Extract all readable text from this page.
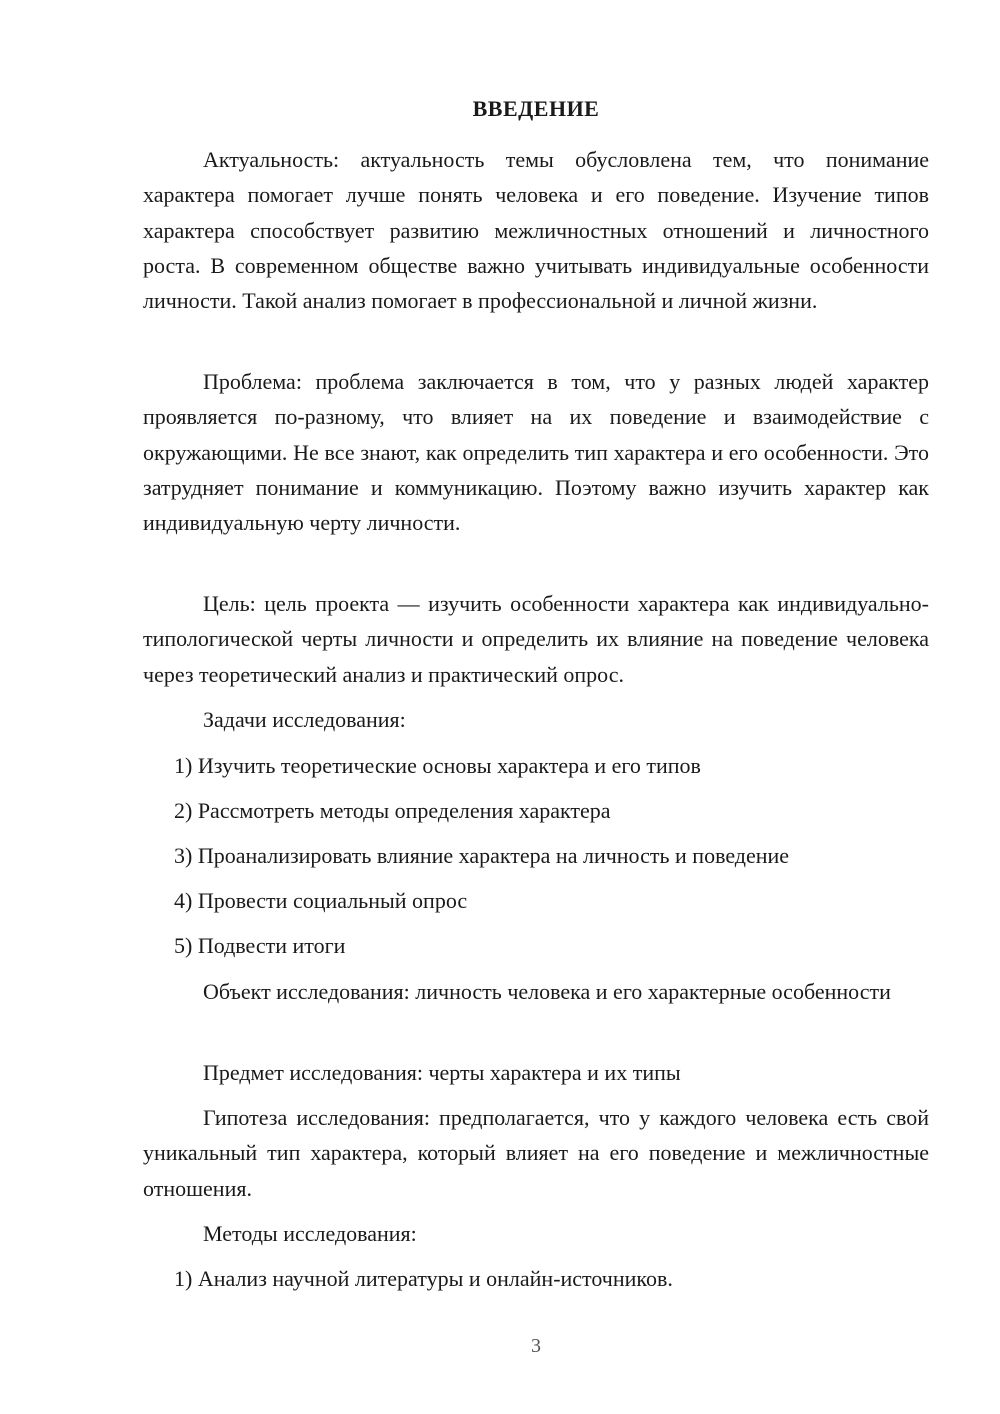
ВВЕДЕНИЕ

Актуальность: актуальность темы обусловлена тем, что понимание характера помогает лучше понять человека и его поведение. Изучение типов характера способствует развитию межличностных отношений и личностного роста. В современном обществе важно учитывать индивидуальные особенности личности. Такой анализ помогает в профессиональной и личной жизни.

Проблема: проблема заключается в том, что у разных людей характер проявляется по-разному, что влияет на их поведение и взаимодействие с окружающими. Не все знают, как определить тип характера и его особенности. Это затрудняет понимание и коммуникацию. Поэтому важно изучить характер как индивидуальную черту личности.

Цель: цель проекта — изучить особенности характера как индивидуально-типологической черты личности и определить их влияние на поведение человека через теоретический анализ и практический опрос.

Задачи исследования:

1) Изучить теоретические основы характера и его типов

2) Рассмотреть методы определения характера

3) Проанализировать влияние характера на личность и поведение

4) Провести социальный опрос

5) Подвести итоги

Объект исследования: личность человека и его характерные особенности

Предмет исследования: черты характера и их типы

Гипотеза исследования: предполагается, что у каждого человека есть свой уникальный тип характера, который влияет на его поведение и межличностные отношения.

Методы исследования:

1) Анализ научной литературы и онлайн-источников.

3
